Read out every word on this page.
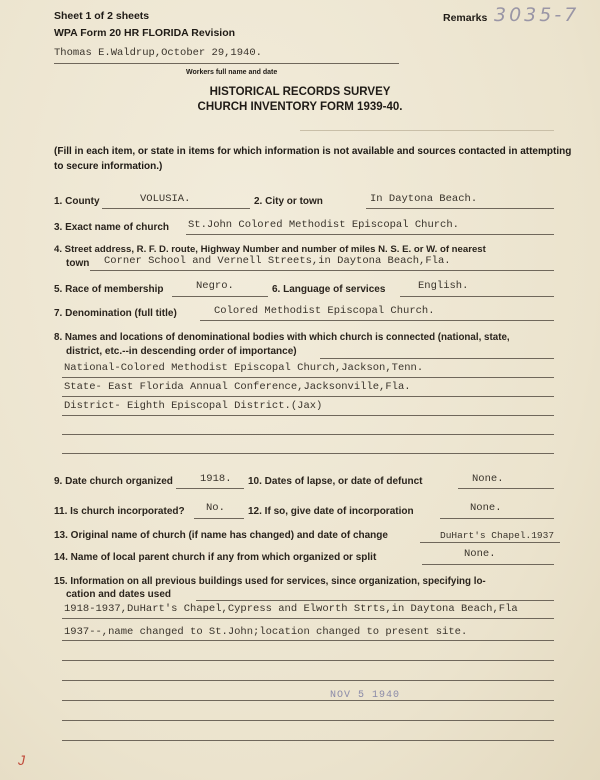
Sheet 1 of 2 sheets
WPA Form 20 HR FLORIDA Revision
Remarks 3035-7
Thomas E.Waldrup,October 29,1940.
Workers full name and date
HISTORICAL RECORDS SURVEY
CHURCH INVENTORY FORM 1939-40.
(Fill in each item, or state in items for which information is not available and sources contacted in attempting to secure information.)
1. County	VOLUSIA.	2. City or town	In Daytona Beach.
3. Exact name of church St.John Colored Methodist Episcopal Church.
4. Street address, R. F. D. route, Highway Number and number of miles N. S. E. or W. of nearest
town Corner School and Vernell Streets,in Daytona Beach,Fla.
5. Race of membership	Negro.	6. Language of services	English.
7. Denomination (full title)	Colored Methodist Episcopal Church.
8. Names and locations of denominational bodies with which church is connected (national, state,
district, etc.--in descending order of importance)
National-Colored Methodist Episcopal Church,Jackson,Tenn.
State- East Florida Annual Conference,Jacksonville,Fla.
District- Eighth Episcopal District.(Jax)
9. Date church organized	1918. 10. Dates of lapse, or date of defunct	None.
11. Is church incorporated? No. 12. If so, give date of incorporation	None.
13. Original name of church (if name has changed) and date of change	DuHart's Chapel.1937
14. Name of local parent church if any from which organized or split	None.
15. Information on all previous buildings used for services, since organization, specifying lo-
cation and dates used
1918-1937,DuHart's Chapel,Cypress and Elworth Strts,in Daytona Beach,Fla
1937--,name changed to St.John;location changed to present site.
NOV 5 1940
J
